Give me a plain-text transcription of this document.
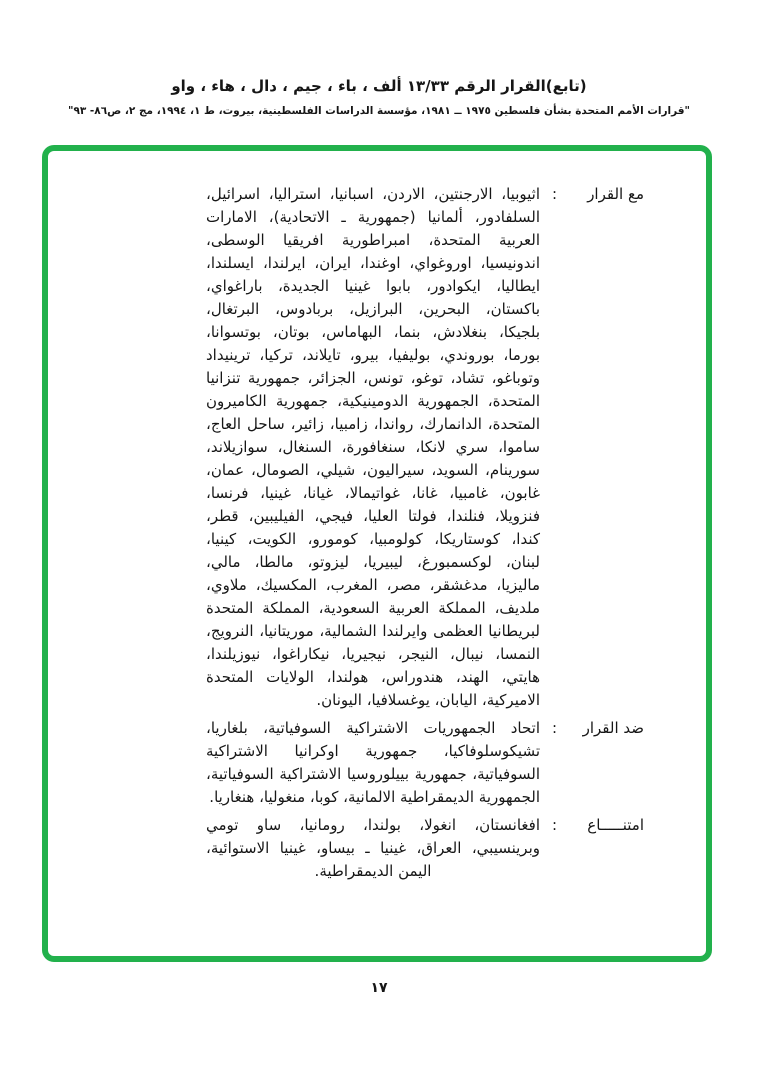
(تابع)القرار الرقم ١٣/٣٣ ألف ، باء ، جيم ، دال ، هاء ، واو
"قرارات الأمم المتحدة بشأن فلسطين ١٩٧٥ ــ ١٩٨١، مؤسسة الدراسات الفلسطينية، بيروت، ط ١، ١٩٩٤، مج ٢، ص٨٦- ٩٣"
مع القرار
:
اثيوبيا، الارجنتين، الاردن، اسبانيا، استراليا، اسرائيل، السلفادور، ألمانيا (جمهورية ـ الاتحادية)، الامارات العربية المتحدة، امبراطورية افريقيا الوسطى، اندونيسيا، اوروغواي، اوغندا، ايران، ايرلندا، ايسلندا، ايطاليا، ايكوادور، بابوا غينيا الجديدة، باراغواي، باكستان، البحرين، البرازيل، بربادوس، البرتغال، بلجيكا، بنغلادش، بنما، البهاماس، بوتان، بوتسوانا، بورما، بوروندي، بوليفيا، بيرو، تايلاند، تركيا، ترينيداد وتوباغو، تشاد، توغو، تونس، الجزائر، جمهورية تنزانيا المتحدة، الجمهورية الدومينيكية، جمهورية الكاميرون المتحدة، الدانمارك، رواندا، زامبيا، زائير، ساحل العاج، ساموا، سري لانكا، سنغافورة، السنغال، سوازيلاند، سورينام، السويد، سيراليون، شيلي، الصومال، عمان، غابون، غامبيا، غانا، غواتيمالا، غيانا، غينيا، فرنسا، فنزويلا، فنلندا، فولتا العليا، فيجي، الفيليبين، قطر، كندا، كوستاريكا، كولومبيا، كومورو، الكويت، كينيا، لبنان، لوكسمبورغ، ليبيريا، ليزوتو، مالطا، مالي، ماليزيا، مدغشقر، مصر، المغرب، المكسيك، ملاوي، ملديف، المملكة العربية السعودية، المملكة المتحدة لبريطانيا العظمى وايرلندا الشمالية، موريتانيا، النرويج، النمسا، نيبال، النيجر، نيجيريا، نيكاراغوا، نيوزيلندا، هايتي، الهند، هندوراس، هولندا، الولايات المتحدة الاميركية، اليابان، يوغسلافيا، اليونان.
ضد القرار
:
اتحاد الجمهوريات الاشتراكية السوفياتية، بلغاريا، تشيكوسلوفاكيا، جمهورية اوكرانيا الاشتراكية السوفياتية، جمهورية بييلوروسيا الاشتراكية السوفياتية، الجمهورية الديمقراطية الالمانية، كوبا، منغوليا، هنغاريا.
امتنـــــاع
:
افغانستان، انغولا، بولندا، رومانيا، ساو تومي وبرينسيبي، العراق، غينيا ـ بيساو، غينيا الاستوائية، اليمن الديمقراطية.
١٧
